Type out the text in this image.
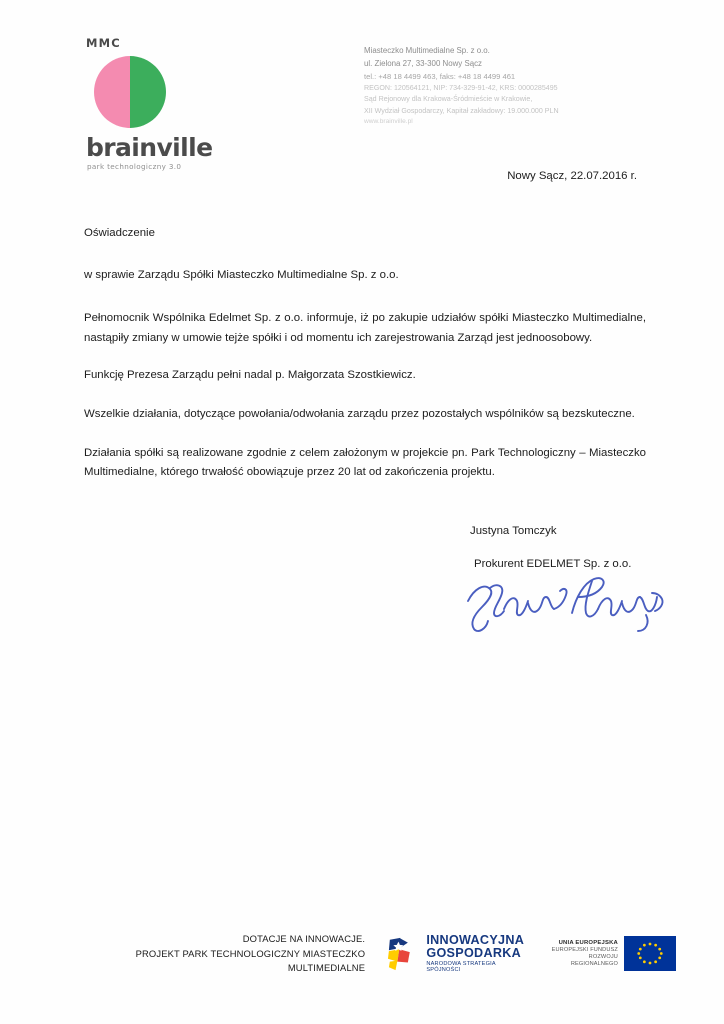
MMC
brainville
park technologiczny 3.0
Miasteczko Multimedialne Sp. z o.o.
ul. Zielona 27, 33-300 Nowy Sącz
tel.: +48 18 4499 463, faks: +48 18 4499 461
REGON: 120564121, NIP: 734-329-91-42, KRS: 0000285495
Sąd Rejonowy dla Krakowa-Śródmieście w Krakowie,
XII Wydział Gospodarczy, Kapitał zakładowy: 19.000.000 PLN
www.brainville.pl
Nowy Sącz, 22.07.2016 r.

Oświadczenie

w sprawie Zarządu Spółki Miasteczko Multimedialne Sp. z o.o.

Pełnomocnik Wspólnika Edelmet Sp. z o.o. informuje, iż po zakupie udziałów spółki Miasteczko Multimedialne, nastąpiły zmiany w umowie tejże spółki i od momentu ich zarejestrowania Zarząd jest jednoosobowy.

Funkcję Prezesa Zarządu pełni nadal p. Małgorzata Szostkiewicz.

Wszelkie działania, dotyczące powołania/odwołania zarządu przez pozostałych wspólników są bezskuteczne.

Działania spółki są realizowane zgodnie z celem założonym w projekcie pn. Park Technologiczny – Miasteczko Multimedialne, którego trwałość obowiązuje przez 20 lat od zakończenia projektu.

Justyna Tomczyk
Prokurent EDELMET Sp. z o.o.
DOTACJE NA INNOWACJE.
PROJEKT PARK TECHNOLOGICZNY MIASTECZKO MULTIMEDIALNE
INNOWACYJNA
GOSPODARKA
NARODOWA STRATEGIA SPÓJNOŚCI
UNIA EUROPEJSKA
EUROPEJSKI FUNDUSZ
ROZWOJU REGIONALNEGO
